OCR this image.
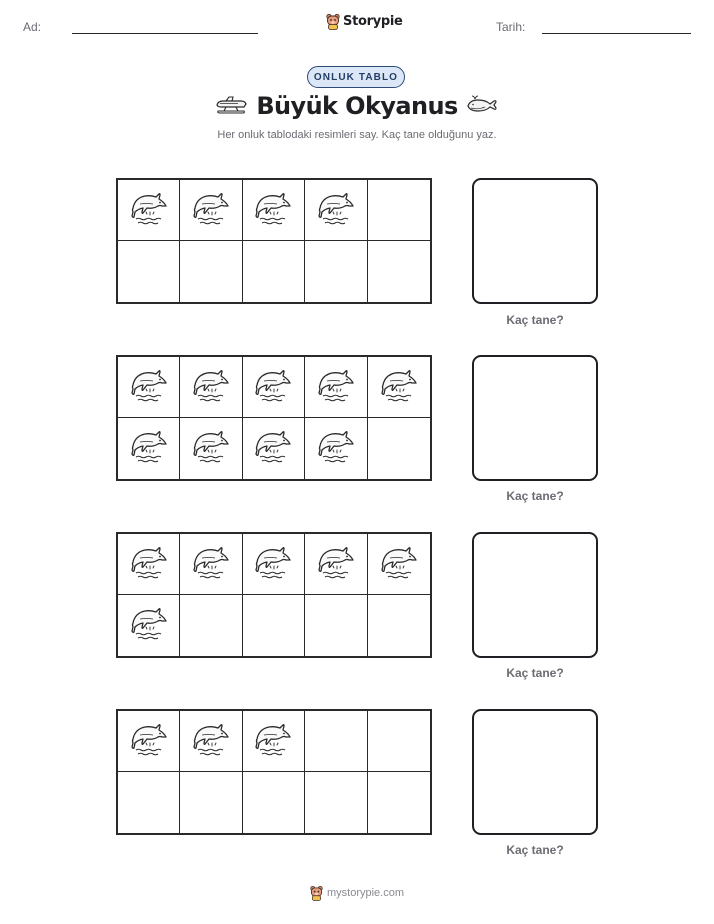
Ad:	Storypie	Tarih:
ONLUK TABLO
Büyük Okyanus
Her onluk tablodaki resimleri say. Kaç tane olduğunu yaz.
Kaç tane?
Kaç tane?
Kaç tane?
Kaç tane?
mystorypie.com
